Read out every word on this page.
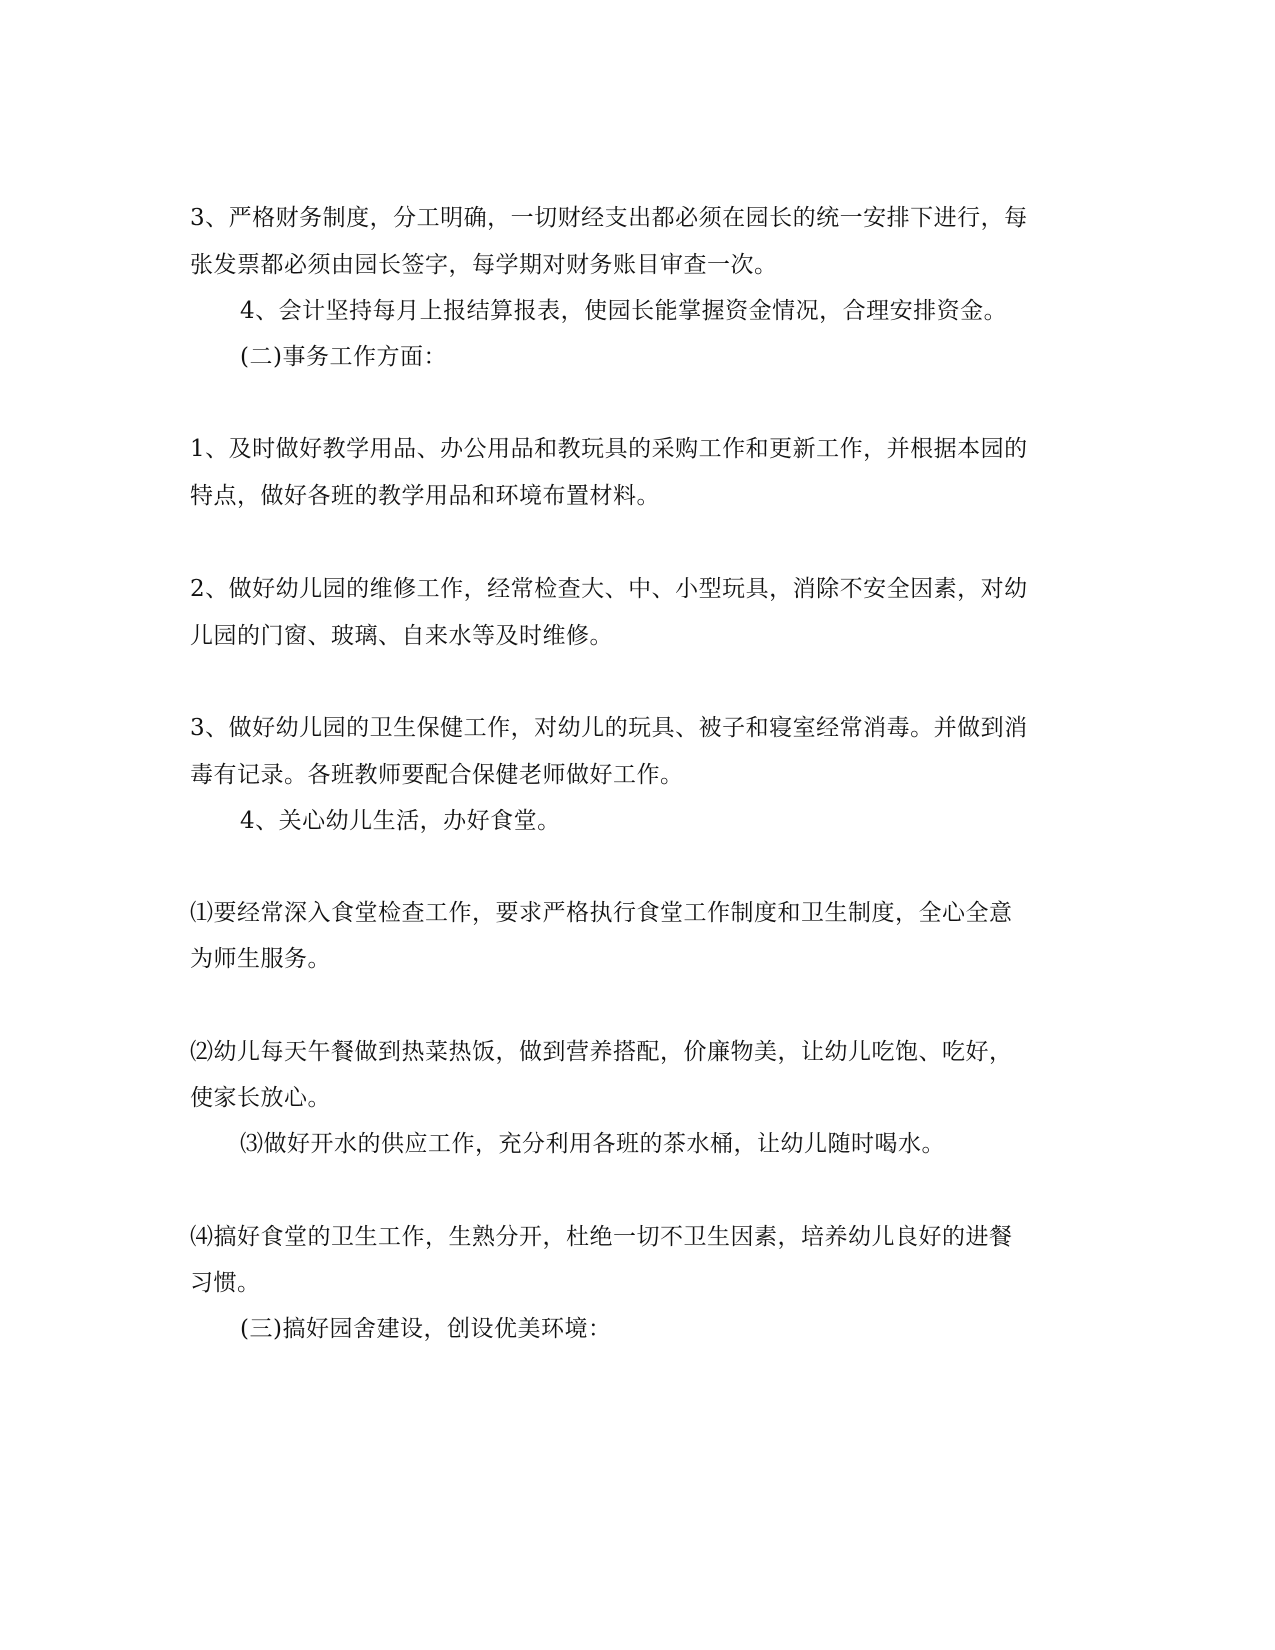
3、严格财务制度，分工明确，一切财经支出都必须在园长的统一安排下进行，每
张发票都必须由园长签字，每学期对财务账目审查一次。
4、会计坚持每月上报结算报表，使园长能掌握资金情况，合理安排资金。
(二)事务工作方面：
1、及时做好教学用品、办公用品和教玩具的采购工作和更新工作，并根据本园的
特点，做好各班的教学用品和环境布置材料。
2、做好幼儿园的维修工作，经常检查大、中、小型玩具，消除不安全因素，对幼
儿园的门窗、玻璃、自来水等及时维修。
3、做好幼儿园的卫生保健工作，对幼儿的玩具、被子和寝室经常消毒。并做到消
毒有记录。各班教师要配合保健老师做好工作。
4、关心幼儿生活，办好食堂。
⑴要经常深入食堂检查工作，要求严格执行食堂工作制度和卫生制度，全心全意
为师生服务。
⑵幼儿每天午餐做到热菜热饭，做到营养搭配，价廉物美，让幼儿吃饱、吃好，
使家长放心。
⑶做好开水的供应工作，充分利用各班的茶水桶，让幼儿随时喝水。
⑷搞好食堂的卫生工作，生熟分开，杜绝一切不卫生因素，培养幼儿良好的进餐
习惯。
(三)搞好园舍建设，创设优美环境：
